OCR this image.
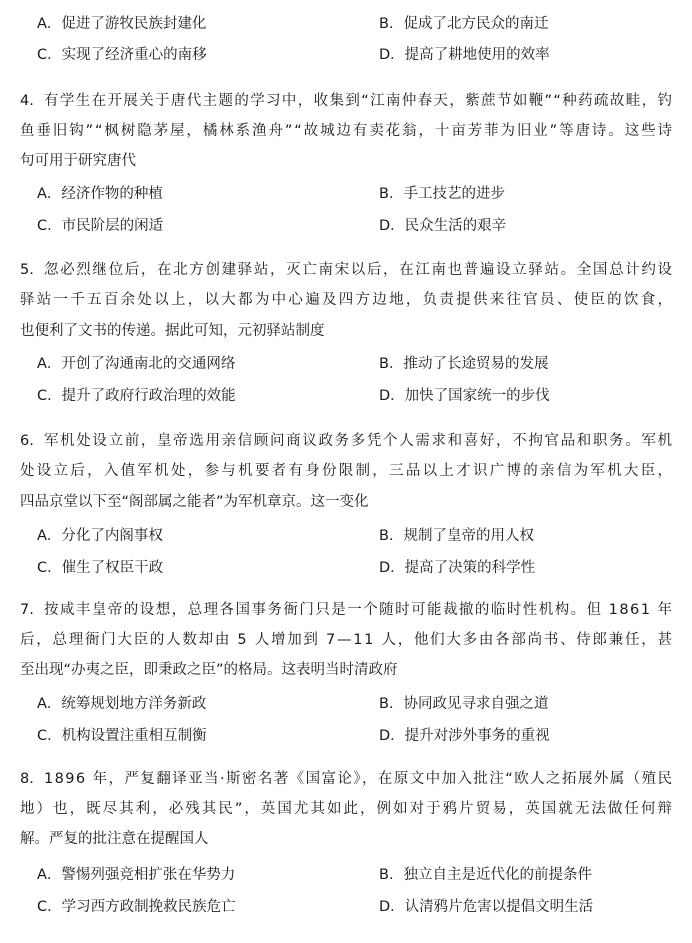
A．促进了游牧民族封建化	B．促成了北方民众的南迁
C．实现了经济重心的南移	D．提高了耕地使用的效率
4. 有学生在开展关于唐代主题的学习中，收集到“江南仲春天，紫蔗节如鞭”“种药疏故畦，钓
鱼垂旧钩”“枫树隐茅屋，橘林系渔舟”“故城边有卖花翁，十亩芳菲为旧业”等唐诗。这些诗
句可用于研究唐代
A．经济作物的种植	B．手工技艺的进步
C．市民阶层的闲适	D．民众生活的艰辛
5. 忽必烈继位后，在北方创建驿站，灭亡南宋以后，在江南也普遍设立驿站。全国总计约设
驿站一千五百余处以上，以大都为中心遍及四方边地，负责提供来往官员、使臣的饮食，
也便利了文书的传递。据此可知，元初驿站制度
A．开创了沟通南北的交通网络	B．推动了长途贸易的发展
C．提升了政府行政治理的效能	D．加快了国家统一的步伐
6. 军机处设立前，皇帝选用亲信顾问商议政务多凭个人需求和喜好，不拘官品和职务。军机
处设立后，入值军机处，参与机要者有身份限制，三品以上才识广博的亲信为军机大臣，
四品京堂以下至“阁部属之能者”为军机章京。这一变化
A．分化了内阁事权	B．规制了皇帝的用人权
C．催生了权臣干政	D．提高了决策的科学性
7. 按咸丰皇帝的设想，总理各国事务衙门只是一个随时可能裁撤的临时性机构。但 1861 年
后，总理衙门大臣的人数却由 5 人增加到 7—11 人，他们大多由各部尚书、侍郎兼任，甚
至出现“办夷之臣，即秉政之臣”的格局。这表明当时清政府
A．统筹规划地方洋务新政	B．协同政见寻求自强之道
C．机构设置注重相互制衡	D．提升对涉外事务的重视
8. 1896 年，严复翻译亚当·斯密名著《国富论》，在原文中加入批注“欧人之拓展外属（殖民
地）也，既尽其利，必残其民”，英国尤其如此，例如对于鸦片贸易，英国就无法做任何辩
解。严复的批注意在提醒国人
A．警惕列强竞相扩张在华势力	B．独立自主是近代化的前提条件
C．学习西方政制挽救民族危亡	D．认清鸦片危害以提倡文明生活
